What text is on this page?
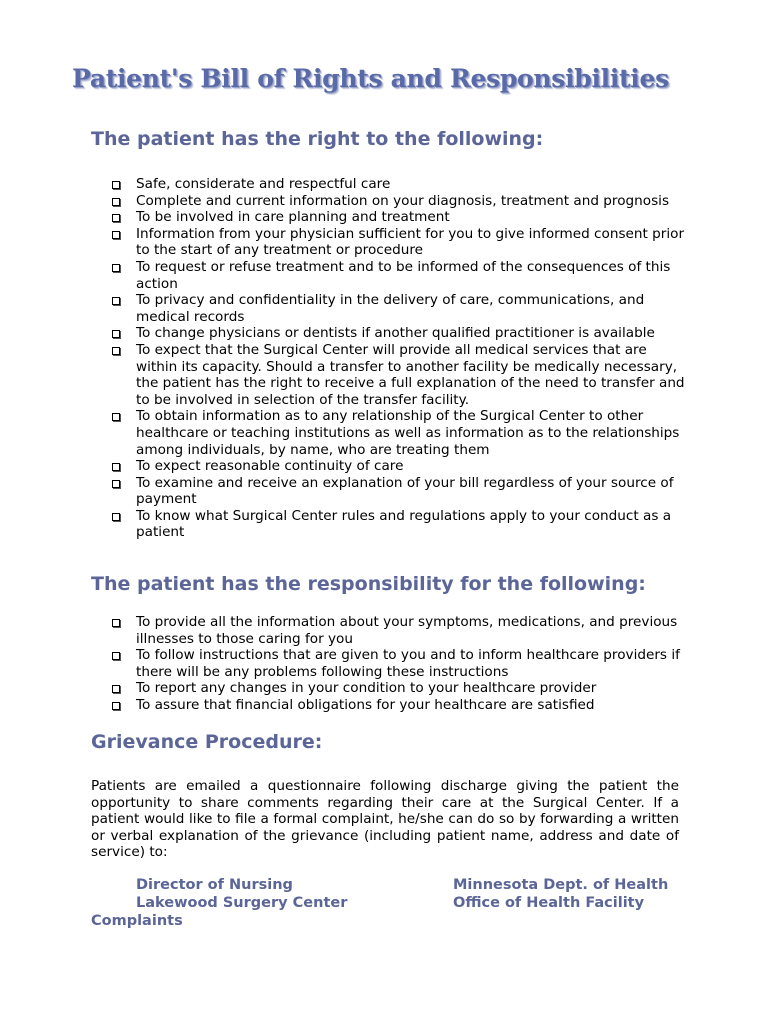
Patient's Bill of Rights and Responsibilities
The patient has the right to the following:
Safe, considerate and respectful care
Complete and current information on your diagnosis, treatment and prognosis
To be involved in care planning and treatment
Information from your physician sufficient for you to give informed consent prior to the start of any treatment or procedure
To request or refuse treatment and to be informed of the consequences of this action
To privacy and confidentiality in the delivery of care, communications, and medical records
To change physicians or dentists if another qualified practitioner is available
To expect that the Surgical Center will provide all medical services that are within its capacity. Should a transfer to another facility be medically necessary, the patient has the right to receive a full explanation of the need to transfer and to be involved in selection of the transfer facility.
To obtain information as to any relationship of the Surgical Center to other healthcare or teaching institutions as well as information as to the relationships among individuals, by name, who are treating them
To expect reasonable continuity of care
To examine and receive an explanation of your bill regardless of your source of payment
To know what Surgical Center rules and regulations apply to your conduct as a patient
The patient has the responsibility for the following:
To provide all the information about your symptoms, medications, and previous illnesses to those caring for you
To follow instructions that are given to you and to inform healthcare providers if there will be any problems following these instructions
To report any changes in your condition to your healthcare provider
To assure that financial obligations for your healthcare are satisfied
Grievance Procedure:

Patients are emailed a questionnaire following discharge giving the patient the opportunity to share comments regarding their care at the Surgical Center. If a patient would like to file a formal complaint, he/she can do so by forwarding a written or verbal explanation of the grievance (including patient name, address and date of service) to:

Director of Nursing

Lakewood Surgery Center

Complaints

Minnesota Dept. of Health

Office of Health Facility
